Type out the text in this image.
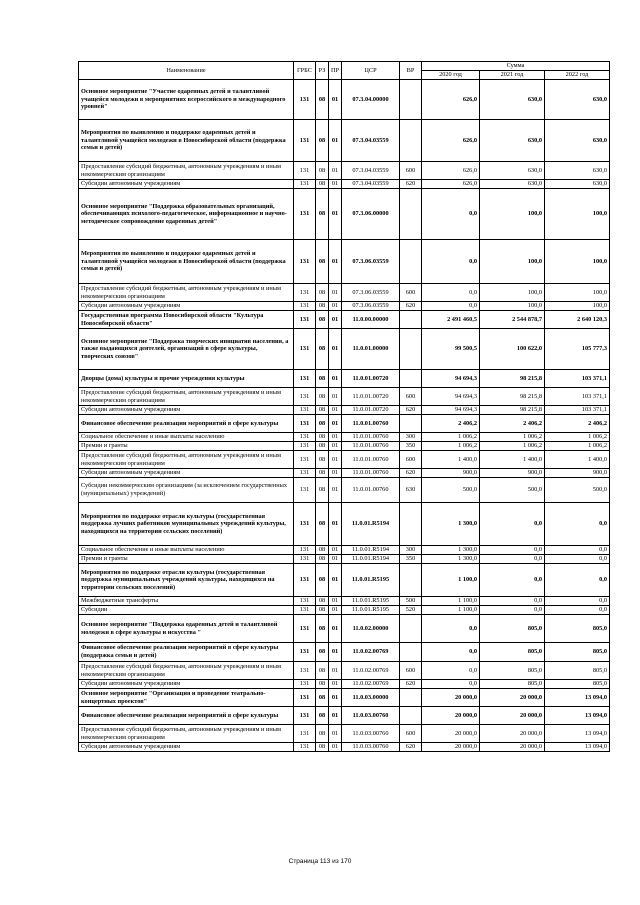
Наименование	ГРБС	РЗ	ПР	ЦСР	ВР	Сумма		
						2020 год	2021 год	2022 год
Основное мероприятие "Участие одаренных детей и талантливой учащейся молодежи в мероприятиях всероссийского и международного уровней"	131	08	01	07.3.04.00000		626,0	630,0	630,0
Мероприятия по выявлению и поддержке одаренных детей и талантливой учащейся молодежи в Новосибирской области (поддержка семьи и детей)	131	08	01	07.3.04.03559		626,0	630,0	630,0
Предоставление субсидий бюджетным, автономным учреждениям и иным некоммерческим организациям	131	08	01	07.3.04.03559	600	626,0	630,0	630,0
Субсидии автономным учреждениям	131	08	01	07.3.04.03559	620	626,0	630,0	630,0
Основное мероприятие "Поддержка образовательных организаций, обеспечивающих психолого-педагогическое, информационное и научно-методическое сопровождение одаренных детей"	131	08	01	07.3.06.00000		0,0	100,0	100,0
Мероприятия по выявлению и поддержке одаренных детей и талантливой учащейся молодежи в Новосибирской области (поддержка семьи и детей)	131	08	01	07.3.06.03559		0,0	100,0	100,0
Предоставление субсидий бюджетным, автономным учреждениям и иным некоммерческим организациям	131	08	01	07.3.06.03559	600	0,0	100,0	100,0
Субсидии автономным учреждениям	131	08	01	07.3.06.03559	620	0,0	100,0	100,0
Государственная программа Новосибирской области "Культура Новосибирской области"	131	08	01	11.0.00.00000		2 491 460,5	2 544 878,7	2 640 120,3
Основное мероприятие "Поддержка творческих инициатив населения, а также выдающихся деятелей, организаций в сфере культуры, творческих союзов"	131	08	01	11.0.01.00000		99 500,5	100 622,0	105 777,3
Дворцы (дома) культуры и прочие учреждения культуры	131	08	01	11.0.01.00720		94 694,3	98 215,8	103 371,1
Предоставление субсидий бюджетным, автономным учреждениям и иным некоммерческим организациям	131	08	01	11.0.01.00720	600	94 694,3	98 215,8	103 371,1
Субсидии автономным учреждениям	131	08	01	11.0.01.00720	620	94 694,3	98 215,8	103 371,1
Финансовое обеспечение реализации мероприятий в сфере культуры	131	08	01	11.0.01.00760		2 406,2	2 406,2	2 406,2
Социальное обеспечение и иные выплаты населению	131	08	01	11.0.01.00760	300	1 006,2	1 006,2	1 006,2
Премии и гранты	131	08	01	11.0.01.00760	350	1 006,2	1 006,2	1 006,2
Предоставление субсидий бюджетным, автономным учреждениям и иным некоммерческим организациям	131	08	01	11.0.01.00760	600	1 400,0	1 400,0	1 400,0
Субсидии автономным учреждениям	131	08	01	11.0.01.00760	620	900,0	900,0	900,0
Субсидии некоммерческим организациям (за исключением государственных (муниципальных) учреждений)	131	08	01	11.0.01.00760	630	500,0	500,0	500,0
Мероприятия по поддержке отрасли культуры (государственная поддержка лучших работников муниципальных учреждений культуры, находящихся на территории сельских поселений)	131	08	01	11.0.01.R5194		1 300,0	0,0	0,0
Социальное обеспечение и иные выплаты населению	131	08	01	11.0.01.R5194	300	1 300,0	0,0	0,0
Премии и гранты	131	08	01	11.0.01.R5194	350	1 300,0	0,0	0,0
Мероприятия по поддержке отрасли культуры (государственная поддержка муниципальных учреждений культуры, находящихся на территории сельских поселений)	131	08	01	11.0.01.R5195		1 100,0	0,0	0,0
Межбюджетные трансферты	131	08	01	11.0.01.R5195	500	1 100,0	0,0	0,0
Субсидии	131	08	01	11.0.01.R5195	520	1 100,0	0,0	0,0
Основное мероприятие "Поддержка одаренных детей и талантливой молодежи в сфере культуры и искусства "	131	08	01	11.0.02.00000		0,0	805,0	805,0
Финансовое обеспечение реализации мероприятий в сфере культуры (поддержка семьи и детей)	131	08	01	11.0.02.00769		0,0	805,0	805,0
Предоставление субсидий бюджетным, автономным учреждениям и иным некоммерческим организациям	131	08	01	11.0.02.00769	600	0,0	805,0	805,0
Субсидии автономным учреждениям	131	08	01	11.0.02.00769	620	0,0	805,0	805,0
Основное мероприятие "Организация и проведение театрально-концертных проектов"	131	08	01	11.0.03.00000		20 000,0	20 000,0	13 094,0
Финансовое обеспечение реализации мероприятий в сфере культуры	131	08	01	11.0.03.00760		20 000,0	20 000,0	13 094,0
Предоставление субсидий бюджетным, автономным учреждениям и иным некоммерческим организациям	131	08	01	11.0.03.00760	600	20 000,0	20 000,0	13 094,0
Субсидии автономным учреждениям	131	08	01	11.0.03.00760	620	20 000,0	20 000,0	13 094,0
Страница 113 из 170
